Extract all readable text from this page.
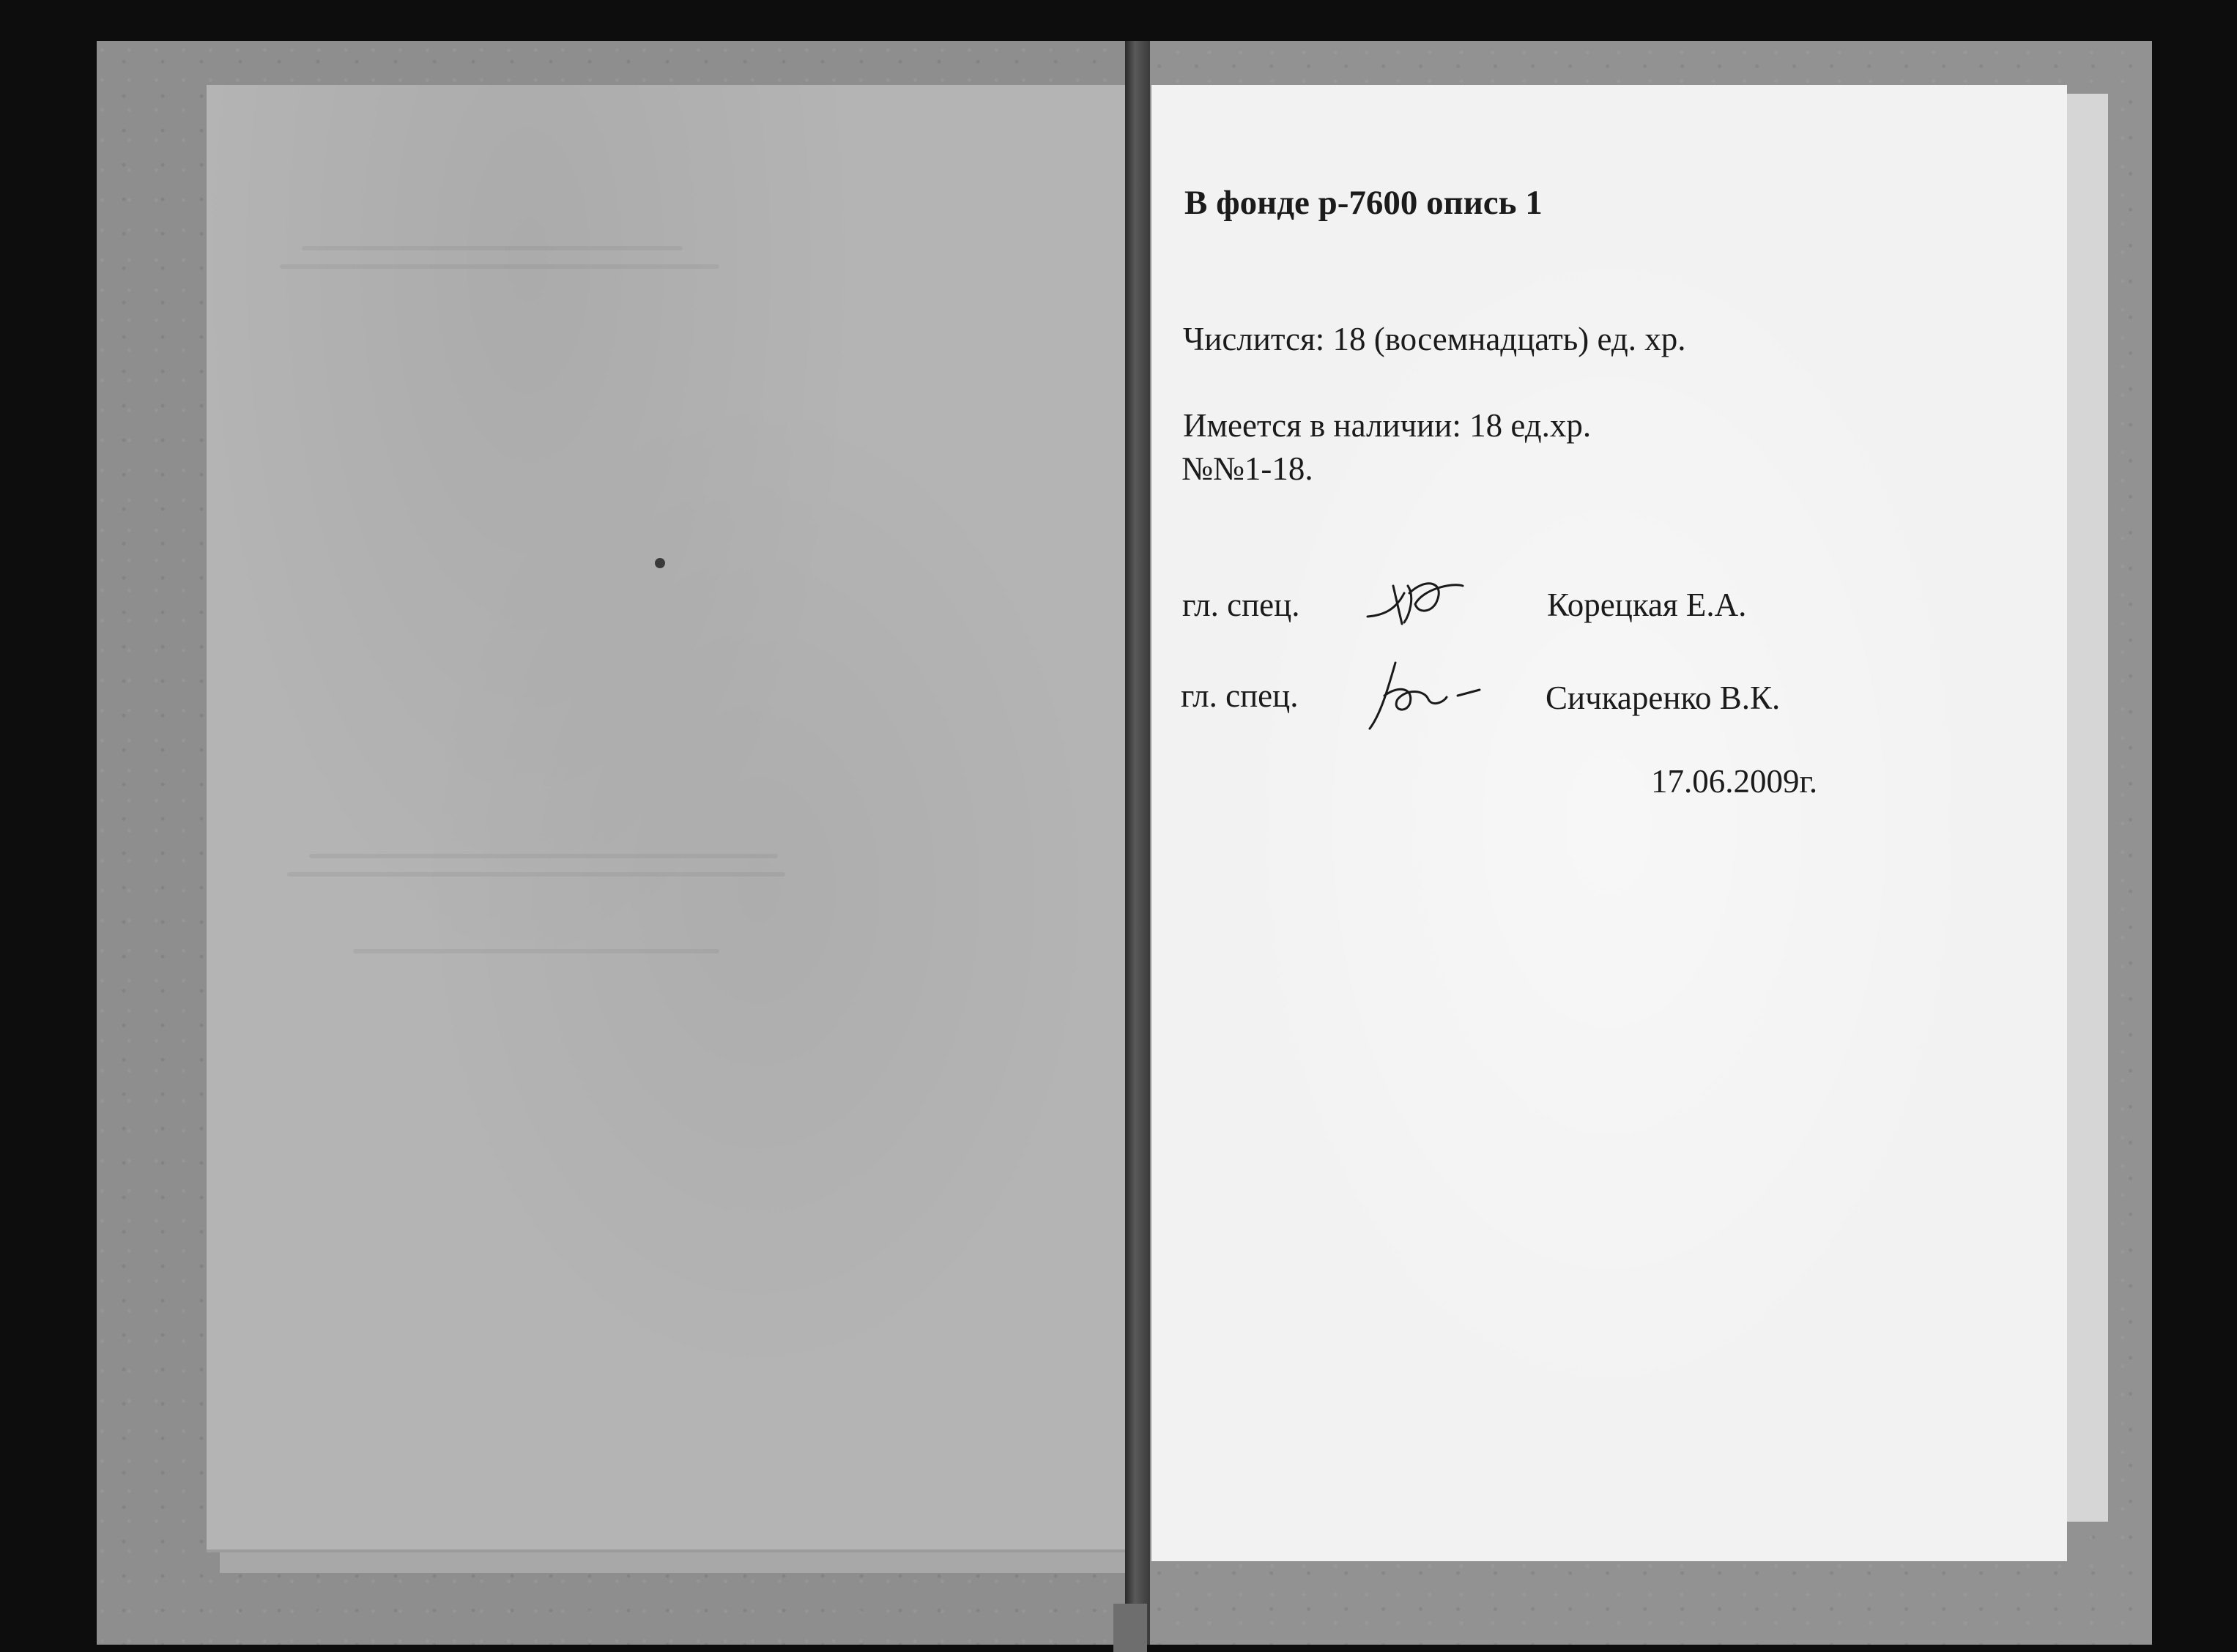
В фонде р-7600 опись 1
Числится: 18 (восемнадцать) ед. хр.
Имеется в наличии: 18 ед.хр.
№№1-18.
гл. спец.	Корецкая Е.А.
гл. спец.	Сичкаренко В.К.
17.06.2009г.
